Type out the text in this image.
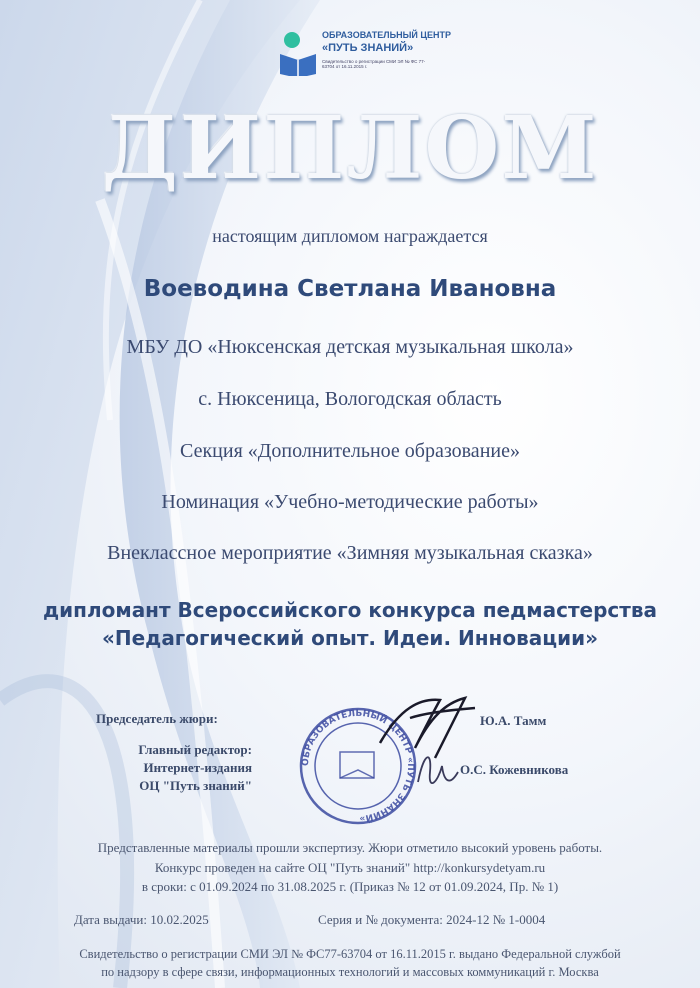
ОБРАЗОВАТЕЛЬНЫЙ ЦЕНТР
«ПУТЬ ЗНАНИЙ»
Свидетельство о регистрации СМИ ЭЛ № ФС 77-63704 от 16.11.2015 г.
ДИПЛОМ
настоящим дипломом награждается
Воеводина Светлана Ивановна
МБУ ДО «Нюксенская детская музыкальная школа»
с. Нюксеница, Вологодская область
Секция «Дополнительное образование»
Номинация «Учебно-методические работы»
Внеклассное мероприятие «Зимняя музыкальная сказка»
дипломант Всероссийского конкурса педмастерства
«Педагогический опыт. Идеи. Инновации»
Председатель жюри:
Главный редактор:
Интернет-издания
ОЦ "Путь знаний"
ОБРАЗОВАТЕЛЬНЫЙ ЦЕНТР «ПУТЬ ЗНАНИЙ»
Ю.А. Тамм
О.С. Кожевникова
Представленные материалы прошли экспертизу. Жюри отметило высокий уровень работы.
Конкурс проведен на сайте ОЦ "Путь знаний" http://konkursydetyam.ru
в сроки: с 01.09.2024 по 31.08.2025 г. (Приказ № 12 от 01.09.2024, Пр. № 1)
Дата выдачи: 10.02.2025	Серия и № документа: 2024-12 № 1-0004
Свидетельство о регистрации СМИ ЭЛ № ФС77-63704 от 16.11.2015 г. выдано Федеральной службой
по надзору в сфере связи, информационных технологий и массовых коммуникаций г. Москва
